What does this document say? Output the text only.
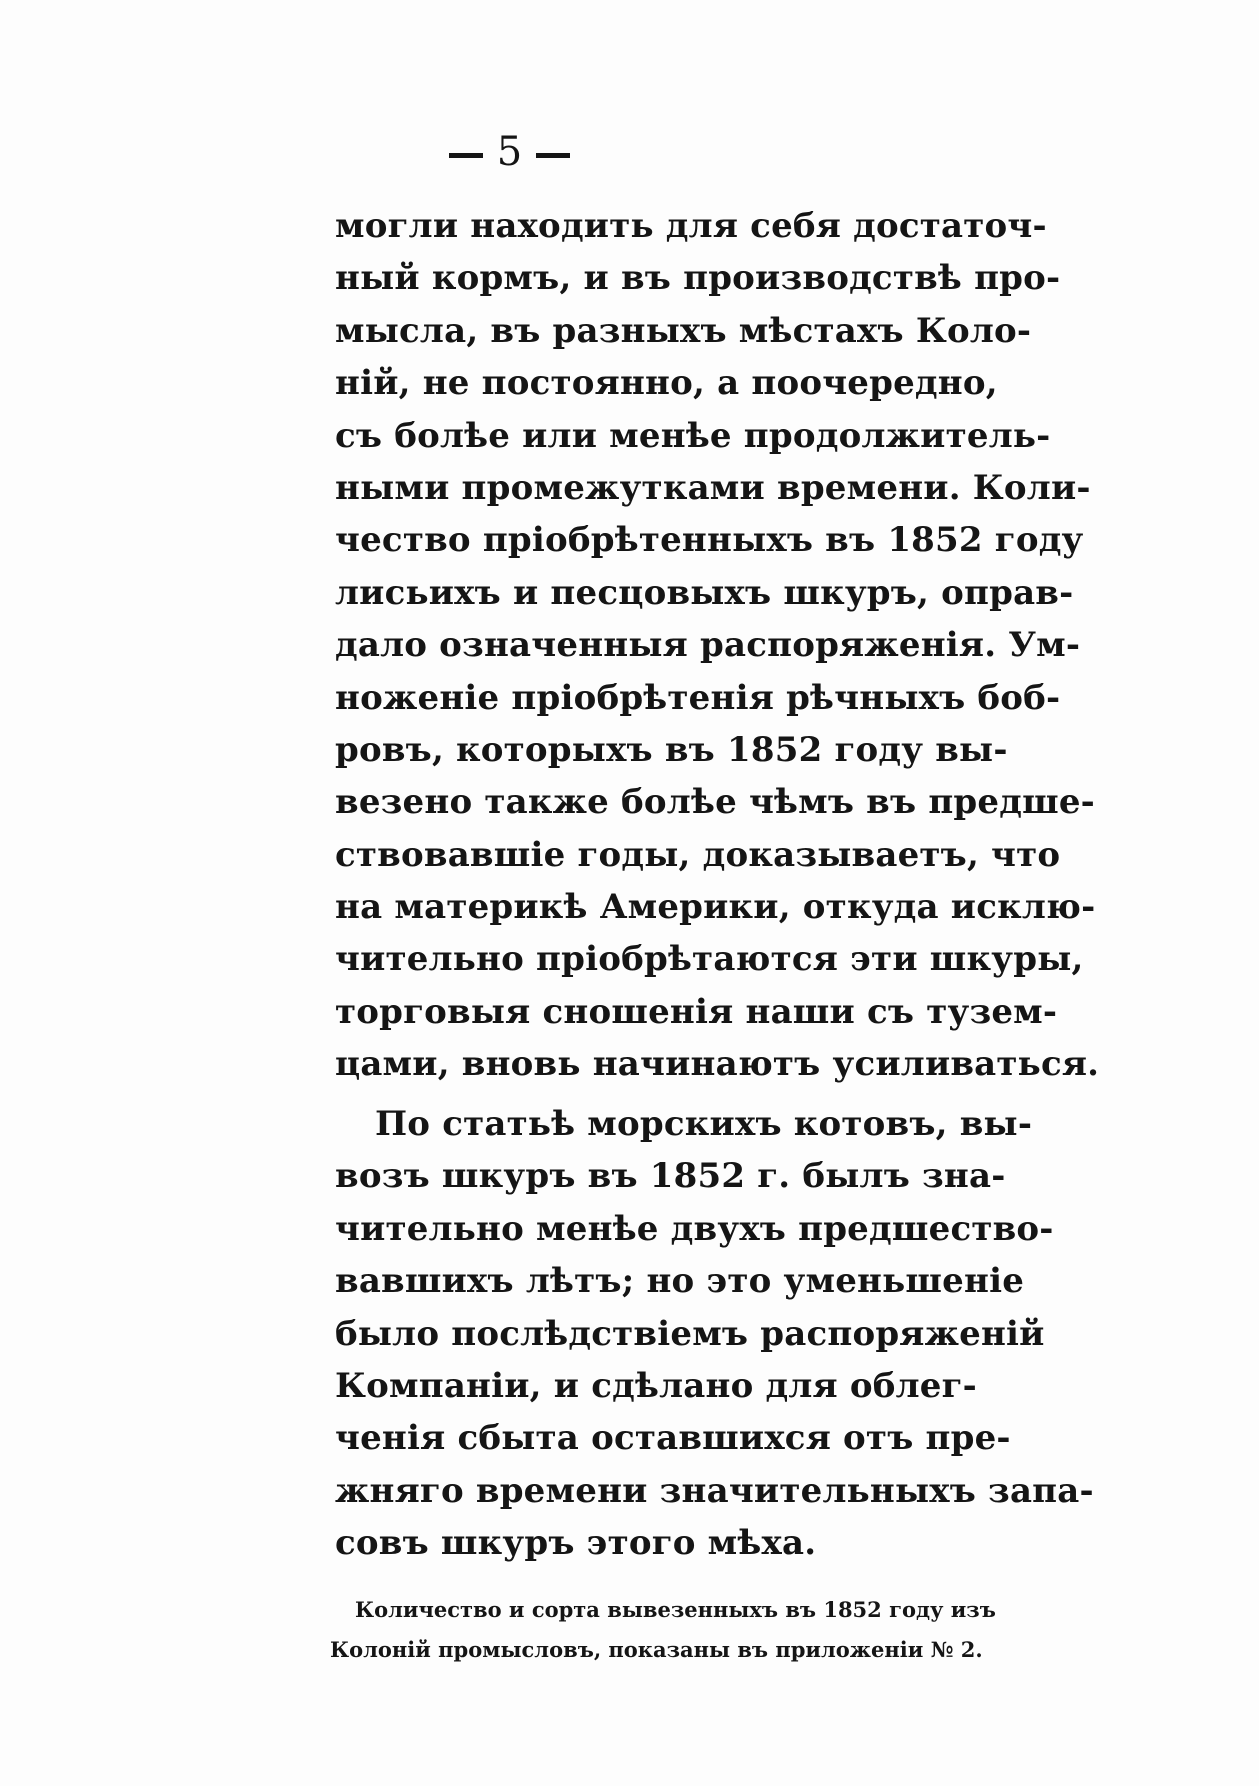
5
могли находить для себя достаточ-
ный кормъ, и въ производствѣ про-
мысла, въ разныхъ мѣстахъ Коло-
ній, не постоянно, а поочередно,
съ болѣе или менѣе продолжитель-
ными промежутками времени. Коли-
чество пріобрѣтенныхъ въ 1852 году
лисьихъ и песцовыхъ шкуръ, оправ-
дало означенныя распоряженія. Ум-
ноженіе пріобрѣтенія рѣчныхъ боб-
ровъ, которыхъ въ 1852 году вы-
везено также болѣе чѣмъ въ предше-
ствовавшіе годы, доказываетъ, что
на материкѣ Америки, откуда исклю-
чительно пріобрѣтаются эти шкуры,
торговыя сношенія наши съ тузем-
цами, вновь начинаютъ усиливаться.
По статьѣ морскихъ котовъ, вы-
возъ шкуръ въ 1852 г. былъ зна-
чительно менѣе двухъ предшество-
вавшихъ лѣтъ; но это уменьшеніе
было послѣдствіемъ распоряженій
Компаніи, и сдѣлано для облег-
ченія сбыта оставшихся отъ пре-
жняго времени значительныхъ запа-
совъ шкуръ этого мѣха.
Количество и сорта вывезенныхъ въ 1852 году изъ
Колоній промысловъ, показаны въ приложеніи № 2.
